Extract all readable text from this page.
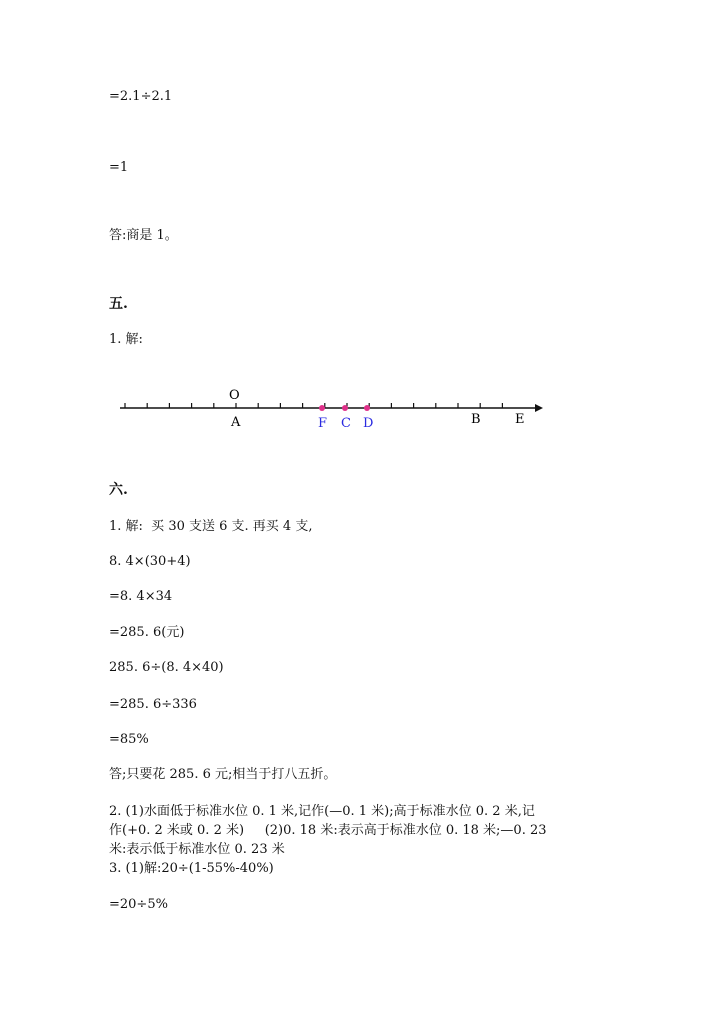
=2.1÷2.1
=1
答:商是 1。
五.
1. 解:
O
A	F C D	B	E
六.
1. 解:  买 30 支送 6 支. 再买 4 支,
8. 4×(30+4)
=8. 4×34
=285. 6(元)
285. 6÷(8. 4×40)
=285. 6÷336
=85%
答;只要花 285. 6 元;相当于打八五折。
2. (1)水面低于标准水位 0. 1 米,记作(—0. 1 米);高于标准水位 0. 2 米,记
作(+0. 2 米或 0. 2 米)     (2)0. 18 米:表示高于标准水位 0. 18 米;—0. 23
米:表示低于标准水位 0. 23 米
3. (1)解:20÷(1-55%-40%)
=20÷5%
